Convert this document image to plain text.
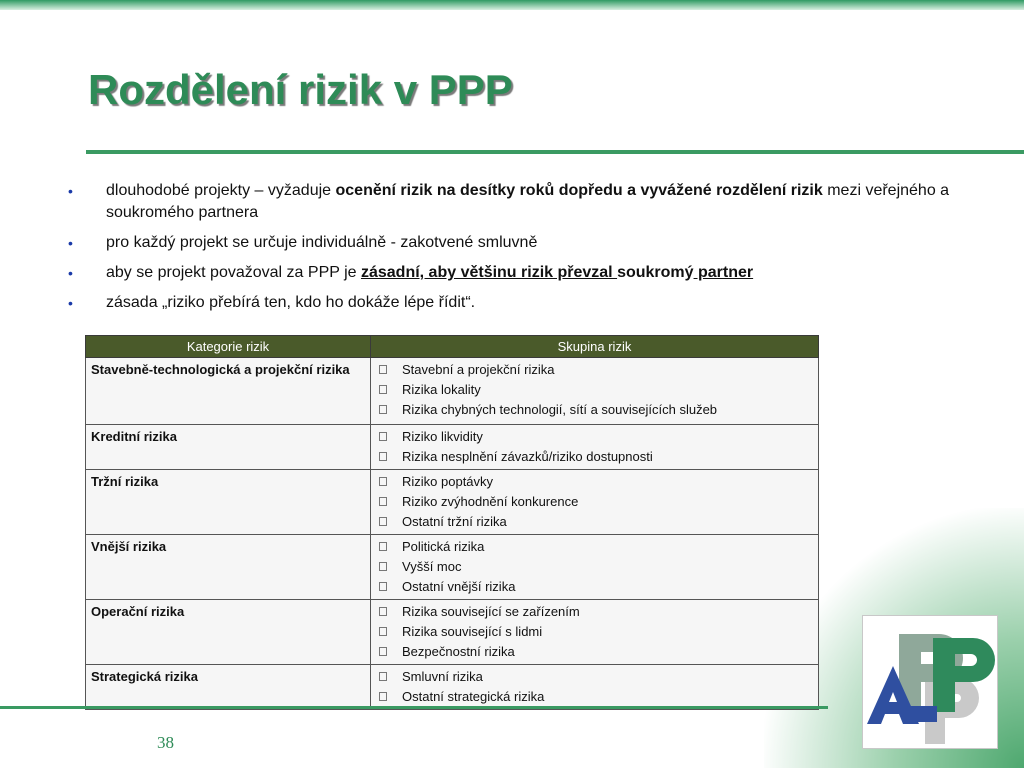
Rozdělení rizik v PPP
• dlouhodobé projekty – vyžaduje ocenění rizik na desítky roků dopředu a vyvážené rozdělení rizik mezi veřejného a soukromého partnera
• pro každý projekt se určuje individuálně - zakotvené smluvně
• aby se projekt považoval za PPP je zásadní, aby většinu rizik převzal soukromý partner
• zásada „riziko přebírá ten, kdo ho dokáže lépe řídit“.
Kategorie rizik	Skupina rizik
Stavebně-technologická a projekční rizika	Stavební a projekční rizika
Rizika lokality
Rizika chybných technologií, sítí a souvisejících služeb

Kreditní rizika	Riziko likvidity
Rizika nesplnění závazků/riziko dostupnosti

Tržní rizika	Riziko poptávky
Riziko zvýhodnění konkurence
Ostatní tržní rizika

Vnější rizika	Politická rizika
Vyšší moc
Ostatní vnější rizika

Operační rizika	Rizika související se zařízením
Rizika související s lidmi
Bezpečnostní rizika

Strategická rizika	Smluvní rizika
Ostatní strategická rizika
38
